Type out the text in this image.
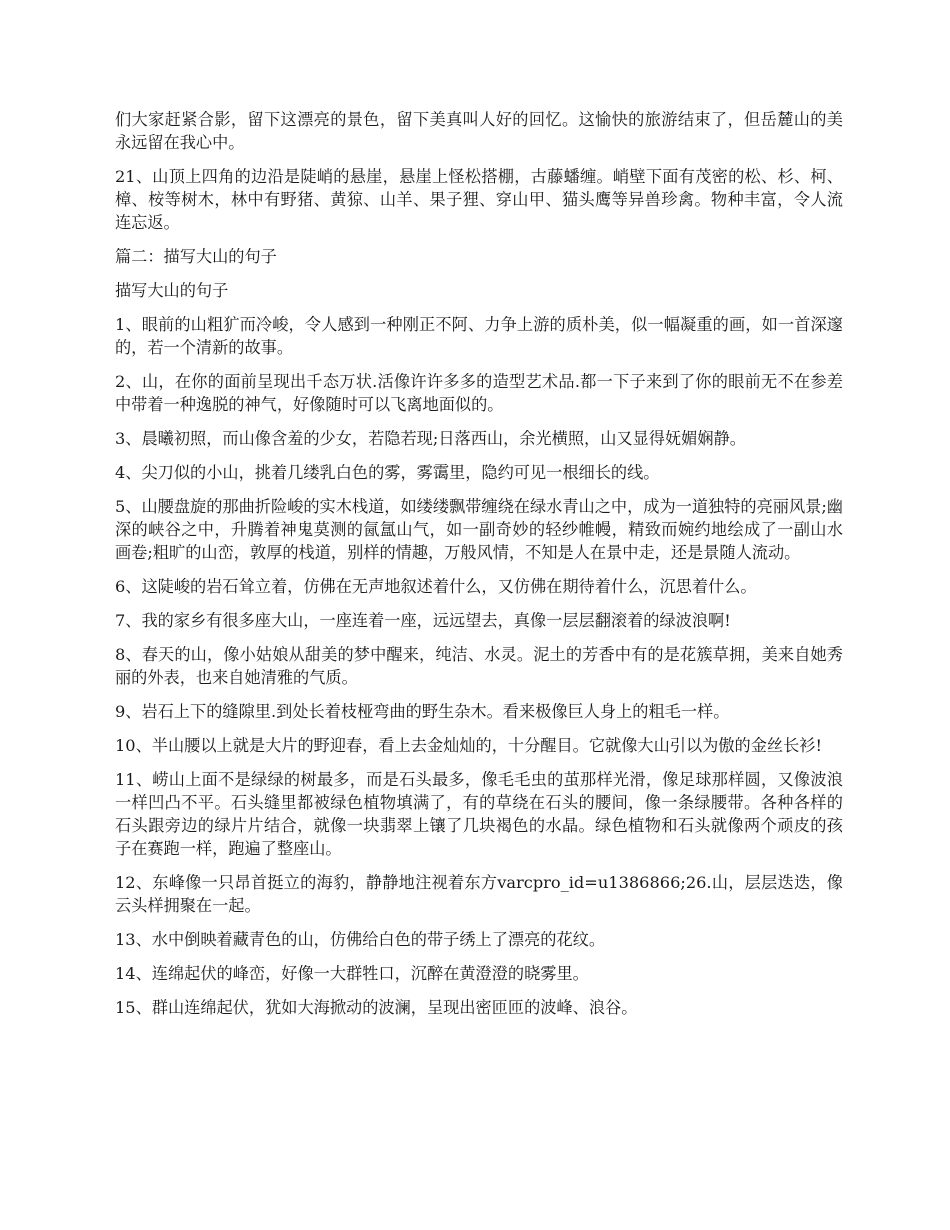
们大家赶紧合影，留下这漂亮的景色，留下美真叫人好的回忆。这愉快的旅游结束了，但岳麓山的美永远留在我心中。

21、山顶上四角的边沿是陡峭的悬崖，悬崖上怪松搭棚，古藤蟠缠。峭壁下面有茂密的松、杉、柯、樟、桉等树木，林中有野猪、黄猄、山羊、果子狸、穿山甲、猫头鹰等异兽珍禽。物种丰富，令人流连忘返。

篇二：描写大山的句子

描写大山的句子

1、眼前的山粗犷而冷峻，令人感到一种刚正不阿、力争上游的质朴美，似一幅凝重的画，如一首深邃的，若一个清新的故事。

2、山，在你的面前呈现出千态万状.活像许许多多的造型艺术品.都一下子来到了你的眼前无不在参差中带着一种逸脱的神气，好像随时可以飞离地面似的。

3、晨曦初照，而山像含羞的少女，若隐若现;日落西山，余光横照，山又显得妩媚娴静。

4、尖刀似的小山，挑着几缕乳白色的雾，雾霭里，隐约可见一根细长的线。

5、山腰盘旋的那曲折险峻的实木栈道，如缕缕飘带缠绕在绿水青山之中，成为一道独特的亮丽风景;幽深的峡谷之中，升腾着神鬼莫测的氤氲山气，如一副奇妙的轻纱帷幔，精致而婉约地绘成了一副山水画卷;粗旷的山峦，敦厚的栈道，别样的情趣，万般风情，不知是人在景中走，还是景随人流动。

6、这陡峻的岩石耸立着，仿佛在无声地叙述着什么，又仿佛在期待着什么，沉思着什么。

7、我的家乡有很多座大山，一座连着一座，远远望去，真像一层层翻滚着的绿波浪啊!

8、春天的山，像小姑娘从甜美的梦中醒来，纯洁、水灵。泥土的芳香中有的是花簇草拥，美来自她秀丽的外表，也来自她清雅的气质。

9、岩石上下的缝隙里.到处长着枝桠弯曲的野生杂木。看来极像巨人身上的粗毛一样。

10、半山腰以上就是大片的野迎春，看上去金灿灿的，十分醒目。它就像大山引以为傲的金丝长衫!

11、崂山上面不是绿绿的树最多，而是石头最多，像毛毛虫的茧那样光滑，像足球那样圆，又像波浪一样凹凸不平。石头缝里都被绿色植物填满了，有的草绕在石头的腰间，像一条绿腰带。各种各样的石头跟旁边的绿片片结合，就像一块翡翠上镶了几块褐色的水晶。绿色植物和石头就像两个顽皮的孩子在赛跑一样，跑遍了整座山。

12、东峰像一只昂首挺立的海豹，静静地注视着东方varcpro_id=u1386866;26.山，层层迭迭，像云头样拥聚在一起。

13、水中倒映着藏青色的山，仿佛给白色的带子绣上了漂亮的花纹。

14、连绵起伏的峰峦，好像一大群牲口，沉醉在黄澄澄的晓雾里。

15、群山连绵起伏，犹如大海掀动的波澜，呈现出密匝匝的波峰、浪谷。
